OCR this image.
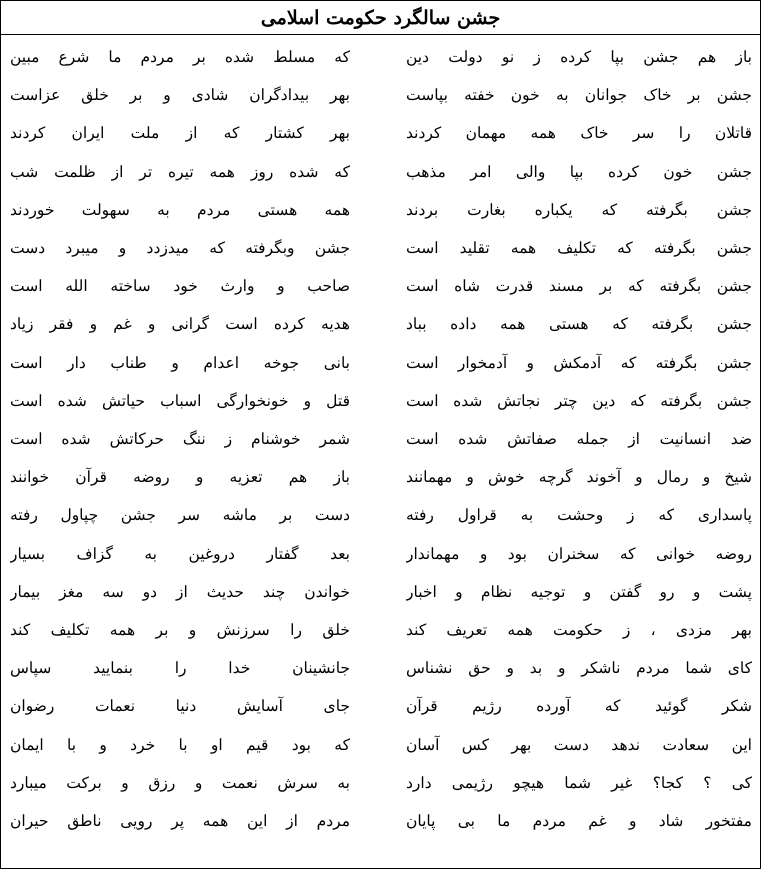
جشن سالگرد حکومت اسلامی
باز هم جشن بپا کرده ز نو دولت دین
که مسلط شده بر مردم ما شرع مبین
جشن بر خاک جوانان به خون خفته بپاست
بهر بیدادگران شادی و بر خلق عزاست
قاتلان را سر خاک همه مهمان کردند
بهر کشتار که از ملت ایران کردند
جشن خون کرده بپا والی امر مذهب
که شده روز همه تیره تر از ظلمت شب
جشن بگرفته که یکباره بغارت بردند
همه هستی مردم به سهولت خوردند
جشن بگرفته که تکلیف همه تقلید است
جشن وبگرفته که میدزدد و میبرد دست
جشن بگرفته که بر مسند قدرت شاه است
صاحب و وارث خود ساخته الله است
جشن بگرفته که هستی همه داده بباد
هدیه کرده است گرانی و غم و فقر زیاد
جشن بگرفته که آدمکش و آدمخوار است
بانی جوخه اعدام و طناب دار است
جشن بگرفته که دین چتر نجاتش شده است
قتل و خونخوارگی اسباب حیاتش شده است
ضد انسانیت از جمله صفاتش شده است
شمر خوشنام ز ننگ حرکاتش شده است
شیخ و رمال و آخوند گرچه خوش و مهمانند
باز هم تعزیه و روضه قرآن خوانند
پاسداری که ز وحشت به قراول رفته
دست بر ماشه سر جشن چپاول رفته
روضه خوانی که سخنران بود و مهماندار
بعد گفتار دروغین به گزاف بسیار
پشت و رو گفتن و توجیه نظام و اخبار
خواندن چند حدیث از دو سه مغز بیمار
بهر مزدی ، ز حکومت همه تعریف کند
خلق را سرزنش و بر همه تکلیف کند
کای شما مردم ناشکر و بد و حق نشناس
جانشینان خدا را بنمایید سپاس
شکر گوئید که آورده رژیم قرآن
جای آسایش دنیا نعمات رضوان
این سعادت ندهد دست بهر کس آسان
که بود قیم او با خرد و با ایمان
کی ؟ کجا؟ غیر شما هیچو رژیمی دارد
به سرش نعمت و رزق و برکت میبارد
مفتخور شاد و غم مردم ما بی پایان
مردم از این همه پر رویی ناطق حیران
